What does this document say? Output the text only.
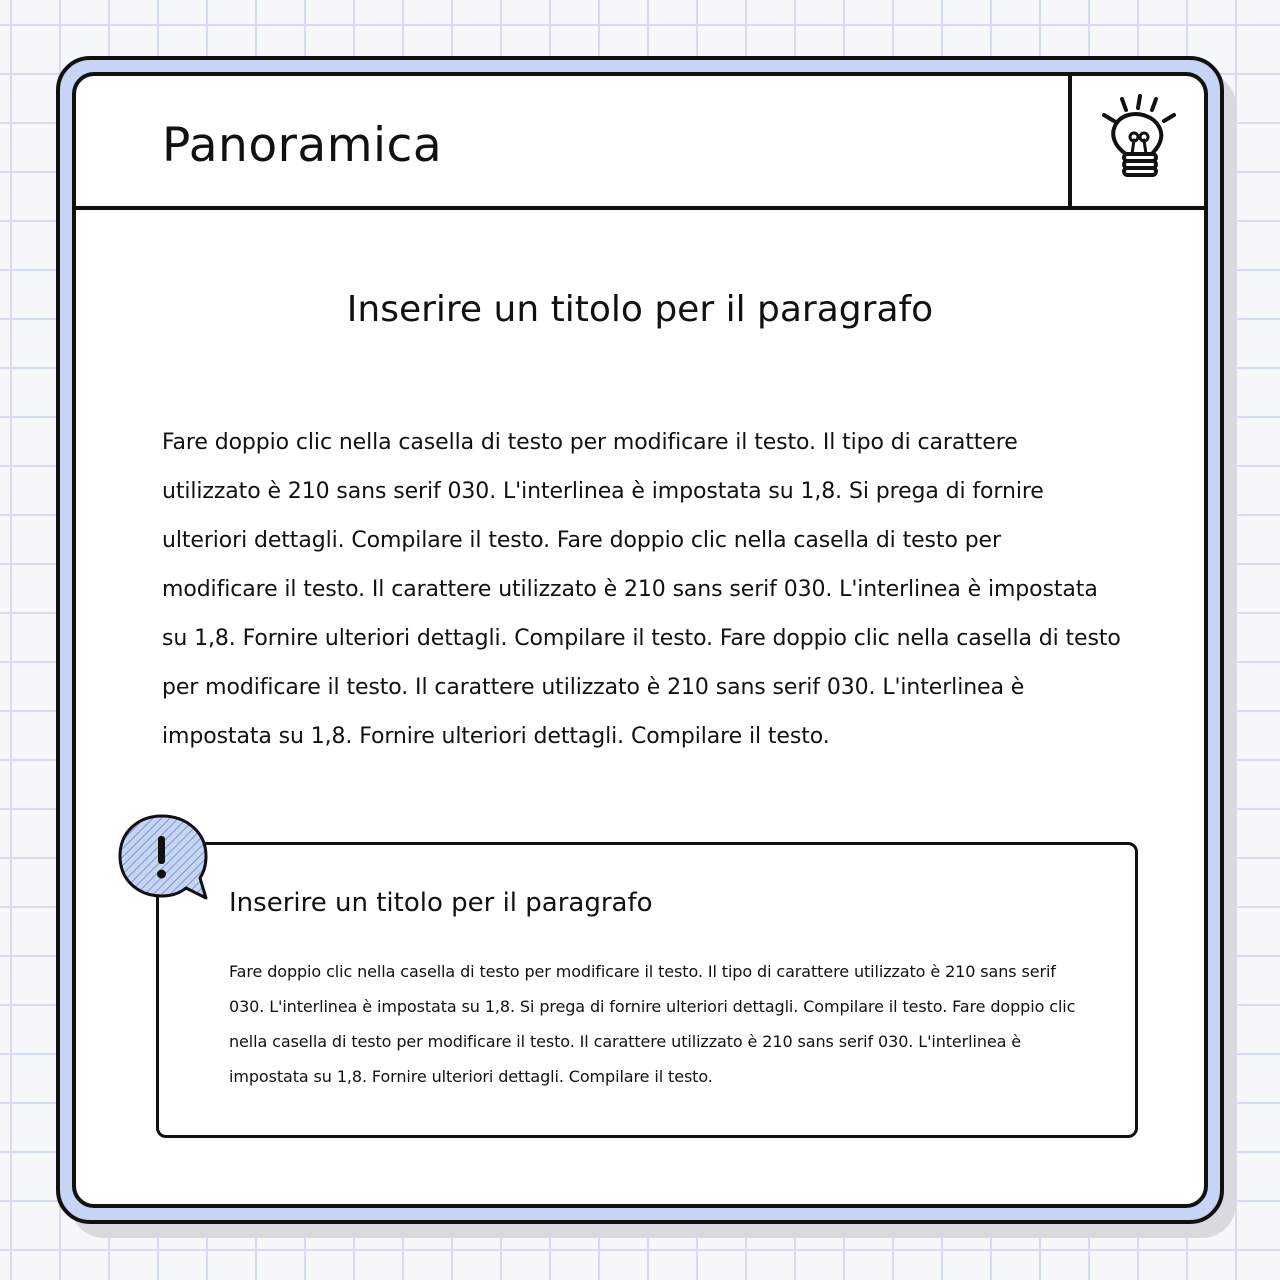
Panoramica
Inserire un titolo per il paragrafo

Fare doppio clic nella casella di testo per modificare il testo. Il tipo di carattere utilizzato è 210 sans serif 030. L'interlinea è impostata su 1,8. Si prega di fornire ulteriori dettagli. Compilare il testo. Fare doppio clic nella casella di testo per modificare il testo. Il carattere utilizzato è 210 sans serif 030. L'interlinea è impostata su 1,8. Fornire ulteriori dettagli. Compilare il testo. Fare doppio clic nella casella di testo per modificare il testo. Il carattere utilizzato è 210 sans serif 030. L'interlinea è impostata su 1,8. Fornire ulteriori dettagli. Compilare il testo.

Inserire un titolo per il paragrafo

Fare doppio clic nella casella di testo per modificare il testo. Il tipo di carattere utilizzato è 210 sans serif 030. L'interlinea è impostata su 1,8. Si prega di fornire ulteriori dettagli. Compilare il testo. Fare doppio clic nella casella di testo per modificare il testo. Il carattere utilizzato è 210 sans serif 030. L'interlinea è impostata su 1,8. Fornire ulteriori dettagli. Compilare il testo.
